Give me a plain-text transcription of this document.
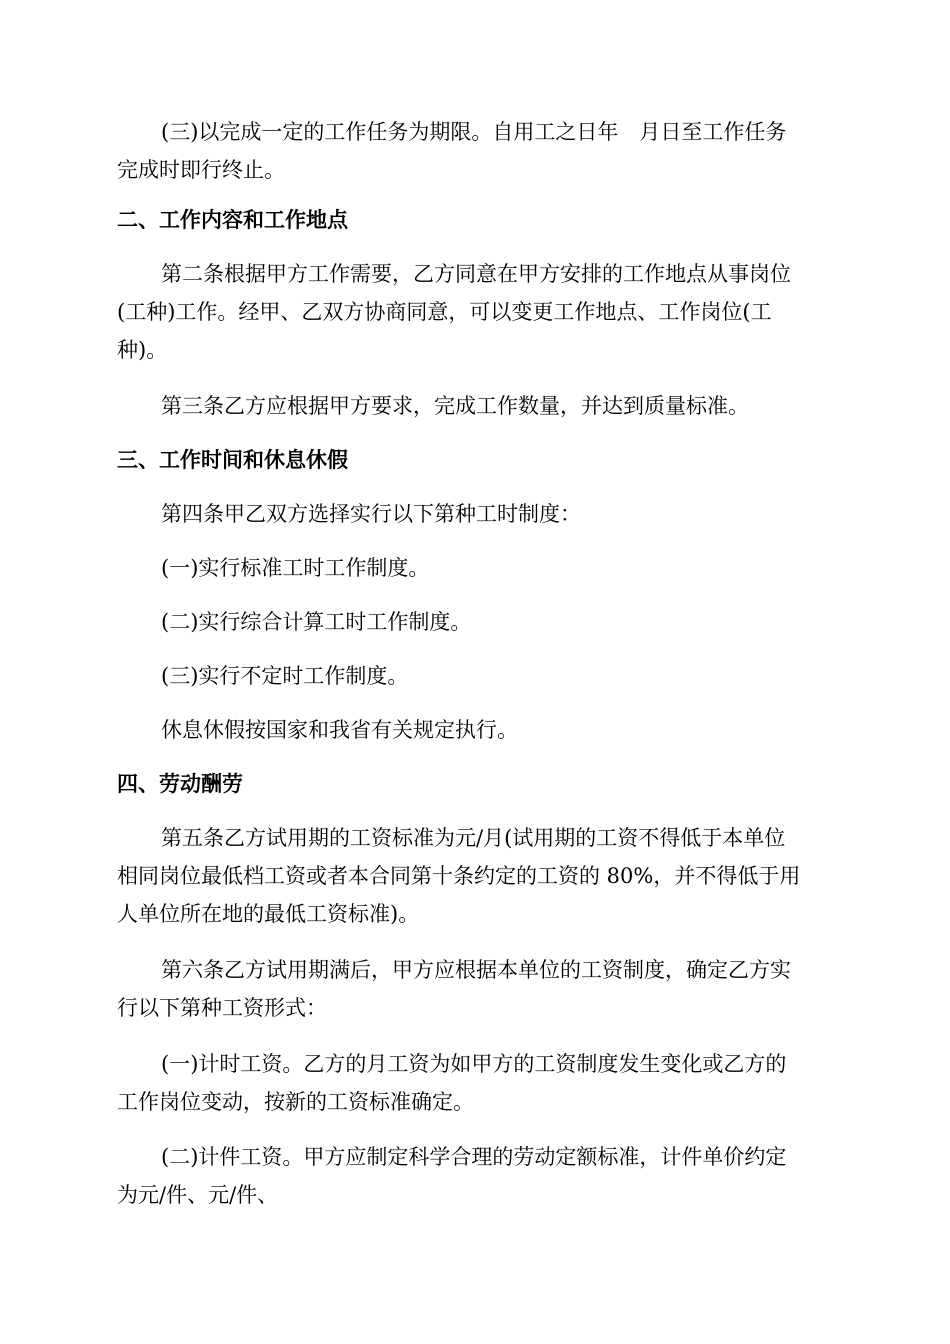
(三)以完成一定的工作任务为期限。自用工之日年　月日至工作任务
完成时即行终止。

二、工作内容和工作地点

第二条根据甲方工作需要，乙方同意在甲方安排的工作地点从事岗位
(工种)工作。经甲、乙双方协商同意，可以变更工作地点、工作岗位(工
种)。

第三条乙方应根据甲方要求，完成工作数量，并达到质量标准。

三、工作时间和休息休假

第四条甲乙双方选择实行以下第种工时制度：

(一)实行标准工时工作制度。

(二)实行综合计算工时工作制度。

(三)实行不定时工作制度。

休息休假按国家和我省有关规定执行。

四、劳动酬劳

第五条乙方试用期的工资标准为元/月(试用期的工资不得低于本单位
相同岗位最低档工资或者本合同第十条约定的工资的 80%，并不得低于用
人单位所在地的最低工资标准)。

第六条乙方试用期满后，甲方应根据本单位的工资制度，确定乙方实
行以下第种工资形式：

(一)计时工资。乙方的月工资为如甲方的工资制度发生变化或乙方的
工作岗位变动，按新的工资标准确定。

(二)计件工资。甲方应制定科学合理的劳动定额标准，计件单价约定
为元/件、元/件、
